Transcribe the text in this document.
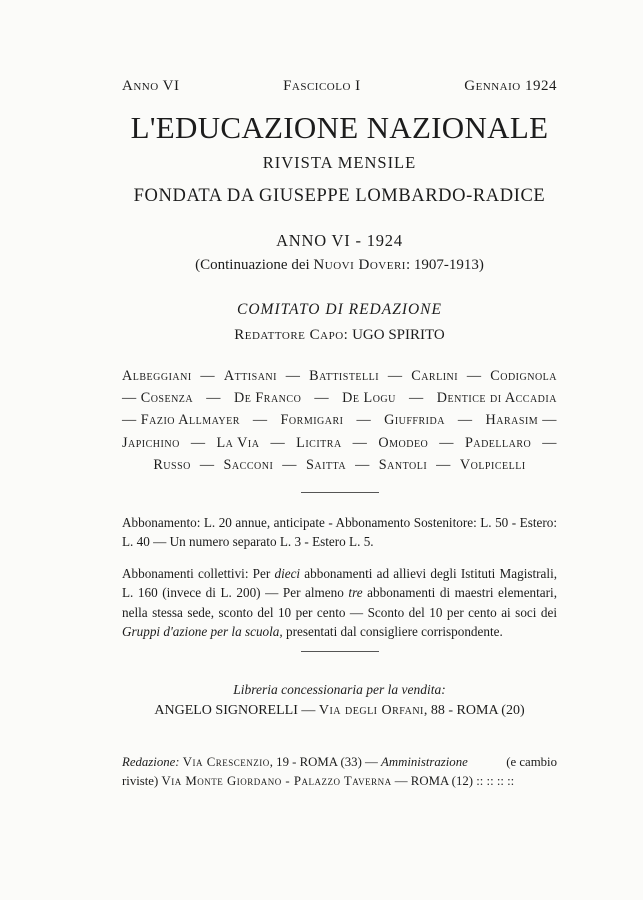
Anno VI	Fascicolo I	Gennaio 1924
L'EDUCAZIONE NAZIONALE
RIVISTA MENSILE
FONDATA DA GIUSEPPE LOMBARDO-RADICE
ANNO VI - 1924
(Continuazione dei Nuovi Doveri: 1907-1913)
COMITATO DI REDAZIONE
Redattore Capo: UGO SPIRITO
Albeggiani — Attisani — Battistelli — Carlini — Codignola
— Cosenza — De Franco — De Logu — Dentice di Accadia
— Fazio Allmayer — Formigari — Giuffrida — Harasim —
Japichino — La Via — Licitra — Omodeo — Padellaro —
Russo — Sacconi — Saitta — Santoli — Volpicelli
Abbonamento: L. 20 annue, anticipate - Abbonamento Sostenitore: L. 50 - Estero: L. 40 — Un numero separato L. 3 - Estero L. 5.
Abbonamenti collettivi: Per dieci abbonamenti ad allievi degli Istituti Magistrali, L. 160 (invece di L. 200) — Per almeno tre abbonamenti di maestri elementari, nella stessa sede, sconto del 10 per cento — Sconto del 10 per cento ai soci dei Gruppi d'azione per la scuola, presentati dal consigliere corrispondente.
Libreria concessionaria per la vendita:
ANGELO SIGNORELLI — Via degli Orfani, 88 - ROMA (20)
Redazione: Via Crescenzio, 19 - ROMA (33) — Amministrazione	(e cambio
riviste) Via Monte Giordano - Palazzo Taverna — ROMA (12) :: :: :: ::
